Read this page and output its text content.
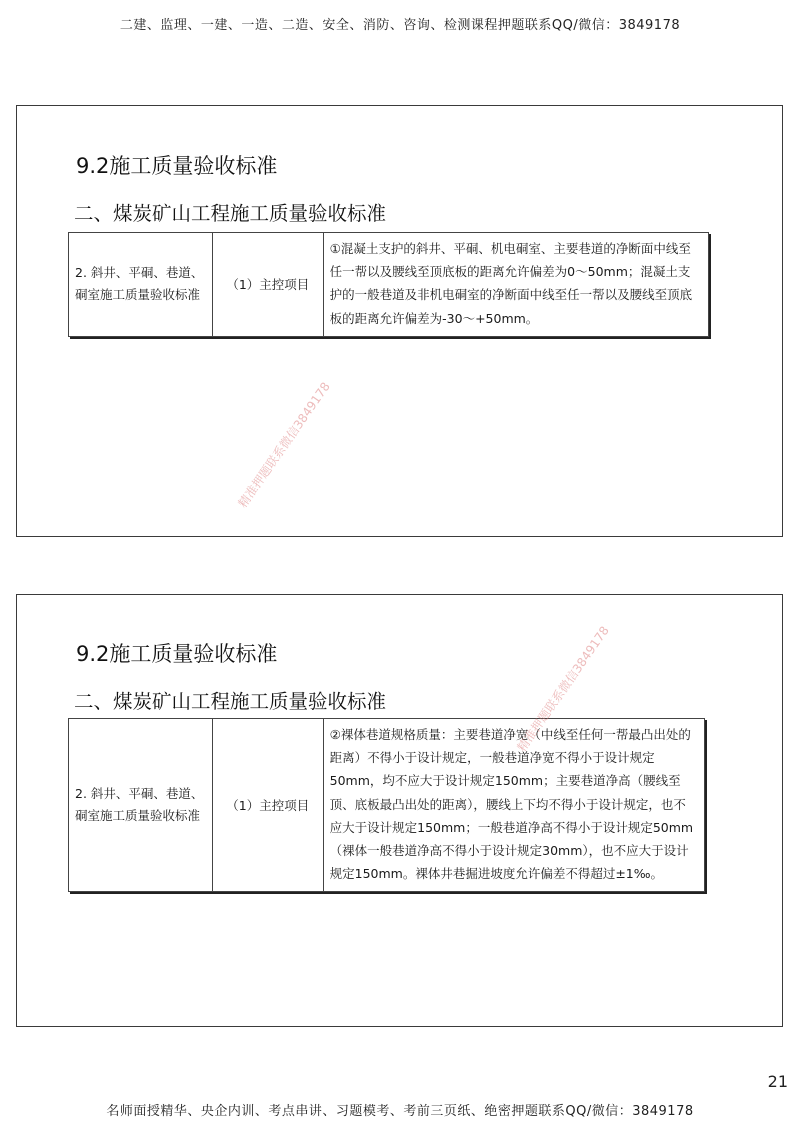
二建、监理、一建、一造、二造、安全、消防、咨询、检测课程押题联系QQ/微信：3849178
9.2施工质量验收标准
二、煤炭矿山工程施工质量验收标准
2. 斜井、平硐、巷道、硐室施工质量验收标准	（1）主控项目	①混凝土支护的斜井、平硐、机电硐室、主要巷道的净断面中线至任一帮以及腰线至顶底板的距离允许偏差为0～50mm；混凝土支护的一般巷道及非机电硐室的净断面中线至任一帮以及腰线至顶底板的距离允许偏差为-30～+50mm。
精准押题联系微信3849178
9.2施工质量验收标准
二、煤炭矿山工程施工质量验收标准
2. 斜井、平硐、巷道、硐室施工质量验收标准	（1）主控项目	②裸体巷道规格质量：主要巷道净宽（中线至任何一帮最凸出处的距离）不得小于设计规定，一般巷道净宽不得小于设计规定50mm，均不应大于设计规定150mm；主要巷道净高（腰线至顶、底板最凸出处的距离），腰线上下均不得小于设计规定，也不应大于设计规定150mm；一般巷道净高不得小于设计规定50mm（裸体一般巷道净高不得小于设计规定30mm），也不应大于设计规定150mm。裸体井巷掘进坡度允许偏差不得超过±1‰。
精准押题联系微信3849178
21
名师面授精华、央企内训、考点串讲、习题模考、考前三页纸、绝密押题联系QQ/微信：3849178
